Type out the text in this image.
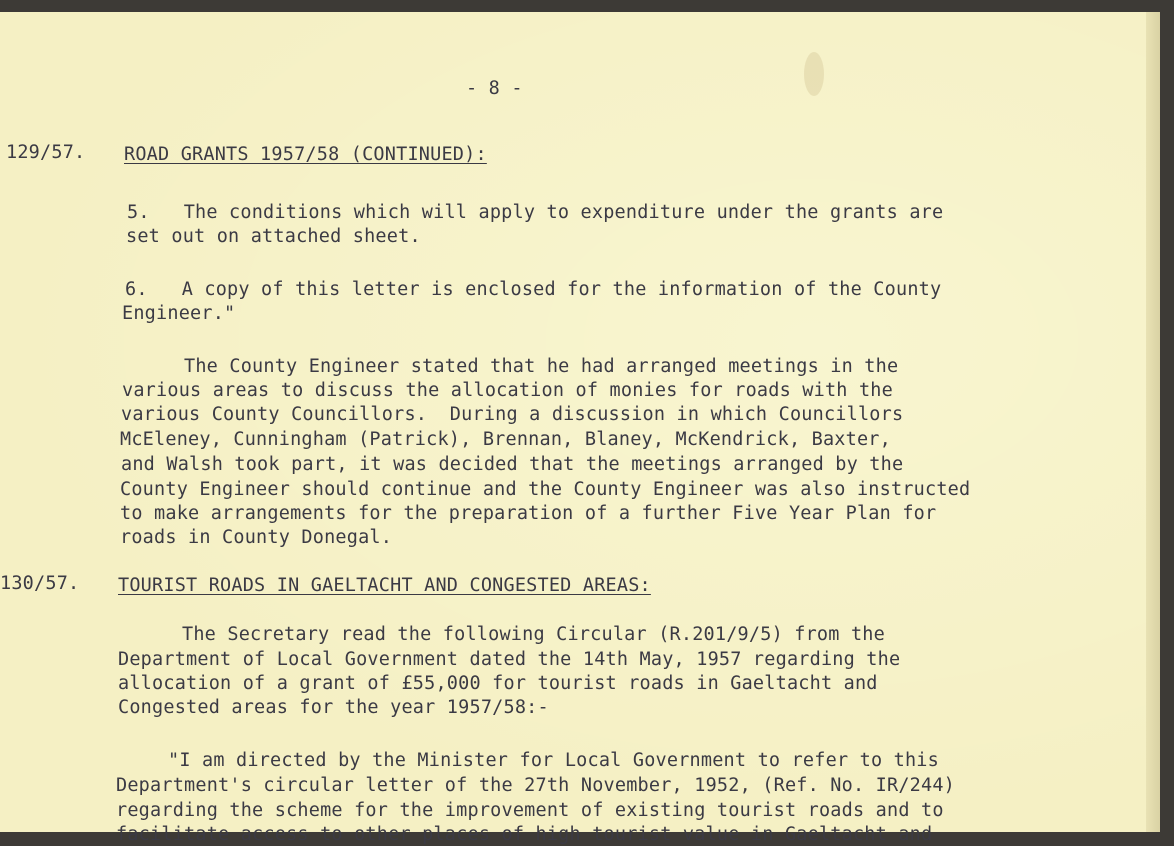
- 8 -

129/57. ROAD GRANTS 1957/58 (CONTINUED):

5.   The conditions which will apply to expenditure under the grants are

set out on attached sheet.

6.   A copy of this letter is enclosed for the information of the County

Engineer."

The County Engineer stated that he had arranged meetings in the

various areas to discuss the allocation of monies for roads with the

various County Councillors.  During a discussion in which Councillors

McEleney, Cunningham (Patrick), Brennan, Blaney, McKendrick, Baxter,

and Walsh took part, it was decided that the meetings arranged by the

County Engineer should continue and the County Engineer was also instructed

to make arrangements for the preparation of a further Five Year Plan for

roads in County Donegal.

130/57. TOURIST ROADS IN GAELTACHT AND CONGESTED AREAS:

The Secretary read the following Circular (R.201/9/5) from the

Department of Local Government dated the 14th May, 1957 regarding the

allocation of a grant of £55,000 for tourist roads in Gaeltacht and

Congested areas for the year 1957/58:-

"I am directed by the Minister for Local Government to refer to this

Department's circular letter of the 27th November, 1952, (Ref. No. IR/244)

regarding the scheme for the improvement of existing tourist roads and to

facilitate access to other places of high tourist value in Gaeltacht and
